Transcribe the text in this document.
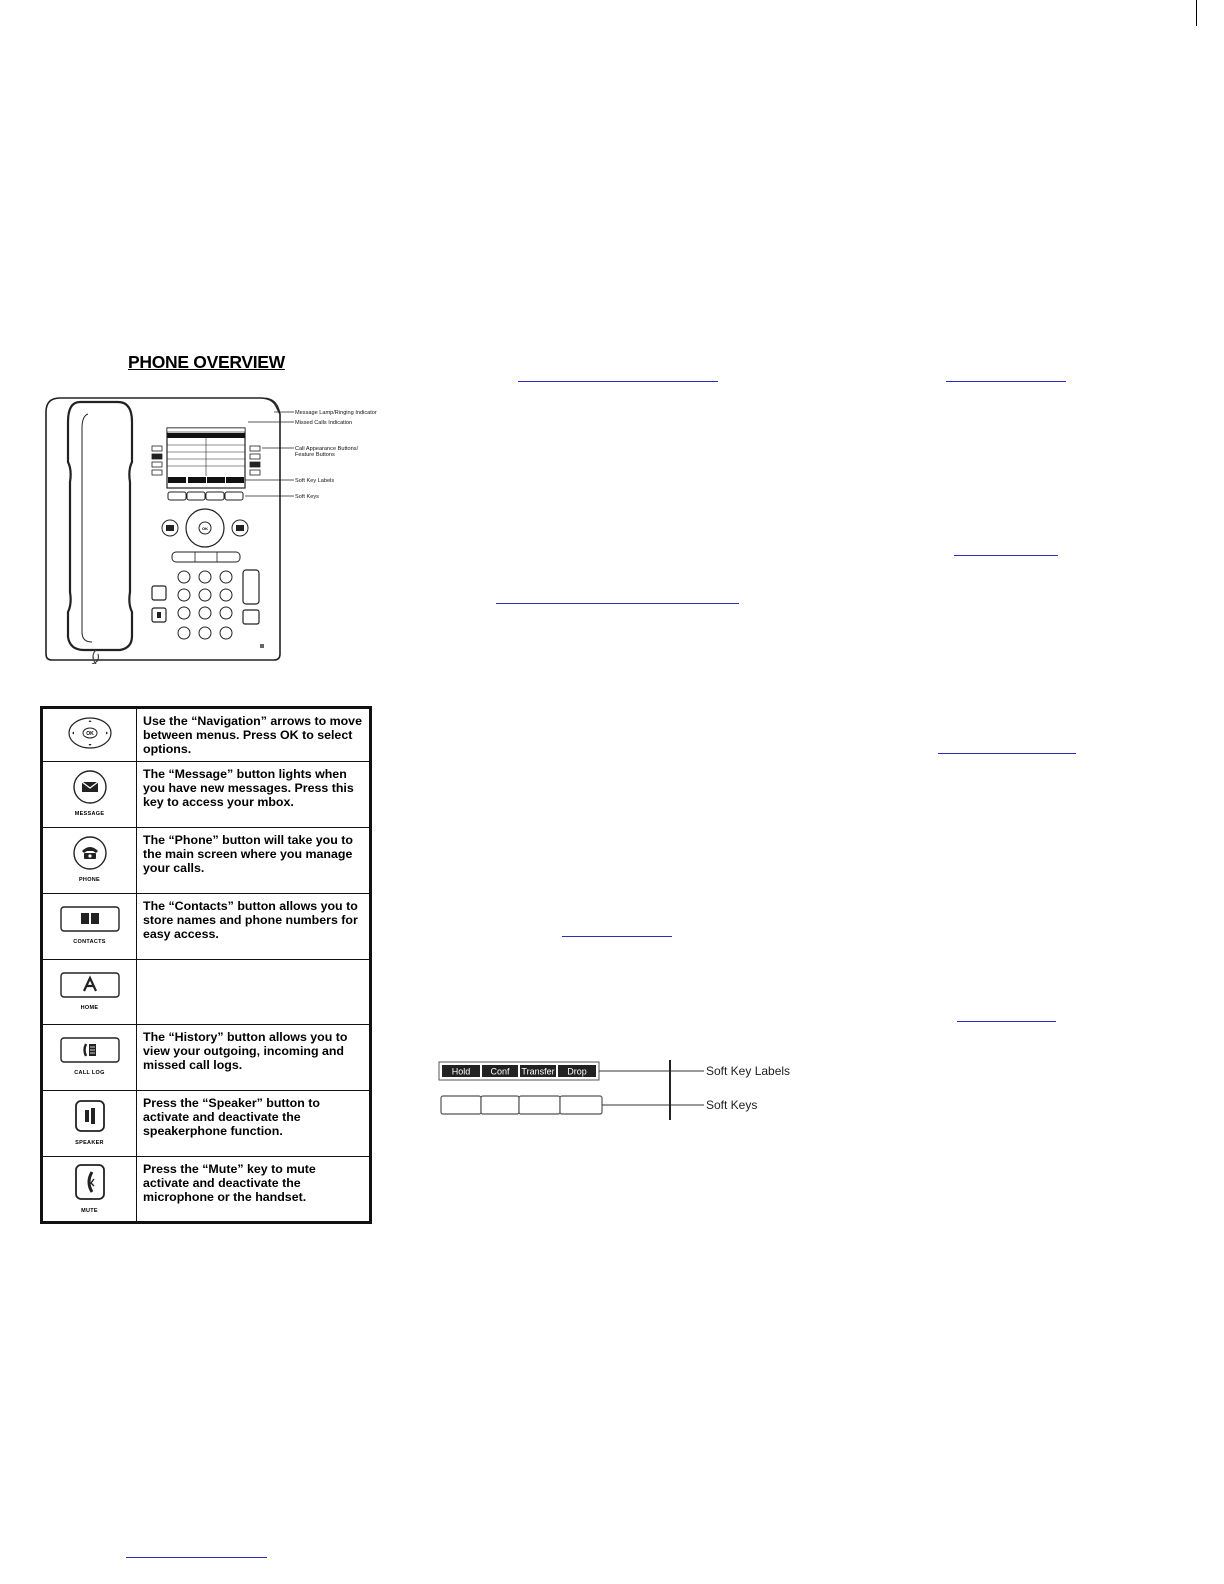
PHONE OVERVIEW
OK
Message Lamp/Ringing Indicator
Missed Calls Indication
Call Appearance Buttons/
Feature Buttons
Soft Key Labels
Soft Keys
OK	Use the “Navigation” arrows to move between menus. Press OK to select options.

MESSAGE	The “Message” button lights when you have new messages. Press this key to access your mbox.

PHONE	The “Phone” button will take you to the main screen where you manage your calls.

CONTACTS	The “Contacts” button allows you to store names and phone numbers for easy access.

HOME	

CALL LOG	The “History” button allows you to view your outgoing, incoming and missed call logs.

SPEAKER	Press the “Speaker” button to activate and deactivate the speakerphone function.

MUTE	Press the “Mute” key to mute activate and deactivate the microphone or the handset.
Hold Conf Transfer Drop	Soft Key Labels
Soft Keys
